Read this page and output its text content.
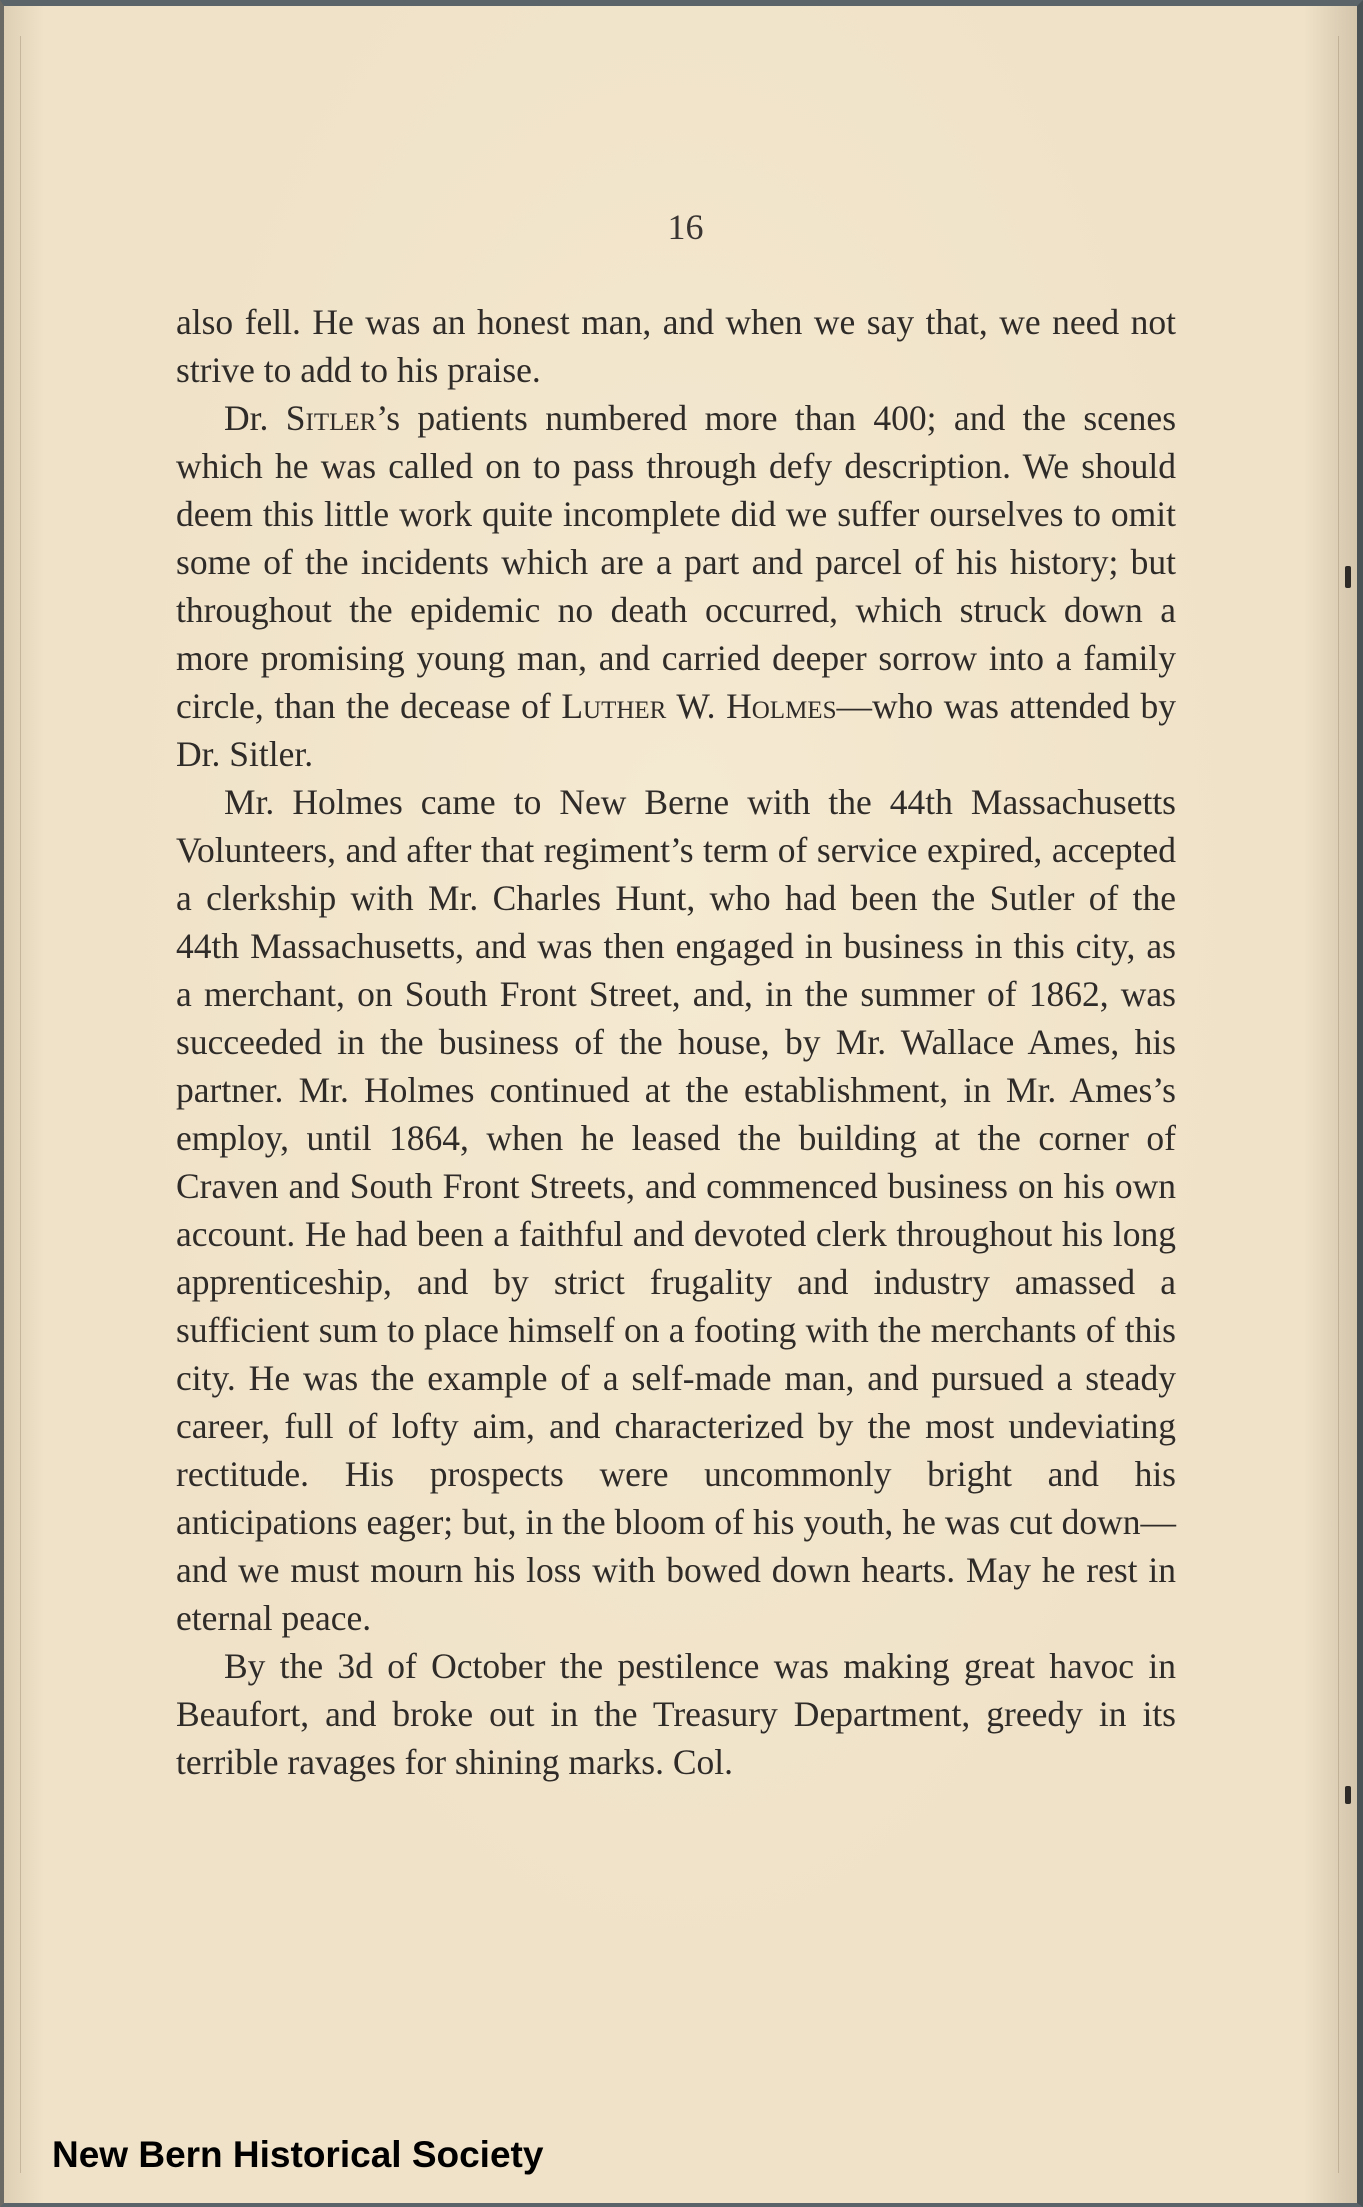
16

also fell. He was an honest man, and when we say that, we need not strive to add to his praise.

Dr. Sitler’s patients numbered more than 400; and the scenes which he was called on to pass through defy description. We should deem this little work quite incomplete did we suffer ourselves to omit some of the incidents which are a part and parcel of his history; but throughout the epidemic no death occurred, which struck down a more promising young man, and carried deeper sorrow into a family circle, than the decease of Luther W. Holmes—who was attended by Dr. Sitler.

Mr. Holmes came to New Berne with the 44th Massachusetts Volunteers, and after that regiment’s term of service expired, accepted a clerkship with Mr. Charles Hunt, who had been the Sutler of the 44th Massachusetts, and was then engaged in business in this city, as a merchant, on South Front Street, and, in the summer of 1862, was succeeded in the business of the house, by Mr. Wallace Ames, his partner. Mr. Holmes continued at the establishment, in Mr. Ames’s employ, until 1864, when he leased the building at the corner of Craven and South Front Streets, and commenced business on his own account. He had been a faithful and devoted clerk throughout his long apprenticeship, and by strict frugality and industry amassed a sufficient sum to place himself on a footing with the merchants of this city. He was the example of a self-made man, and pursued a steady career, full of lofty aim, and characterized by the most undeviating rectitude. His prospects were uncommonly bright and his anticipations eager; but, in the bloom of his youth, he was cut down—and we must mourn his loss with bowed down hearts. May he rest in eternal peace.

By the 3d of October the pestilence was making great havoc in Beaufort, and broke out in the Treasury Department, greedy in its terrible ravages for shining marks. Col.

New Bern Historical Society
